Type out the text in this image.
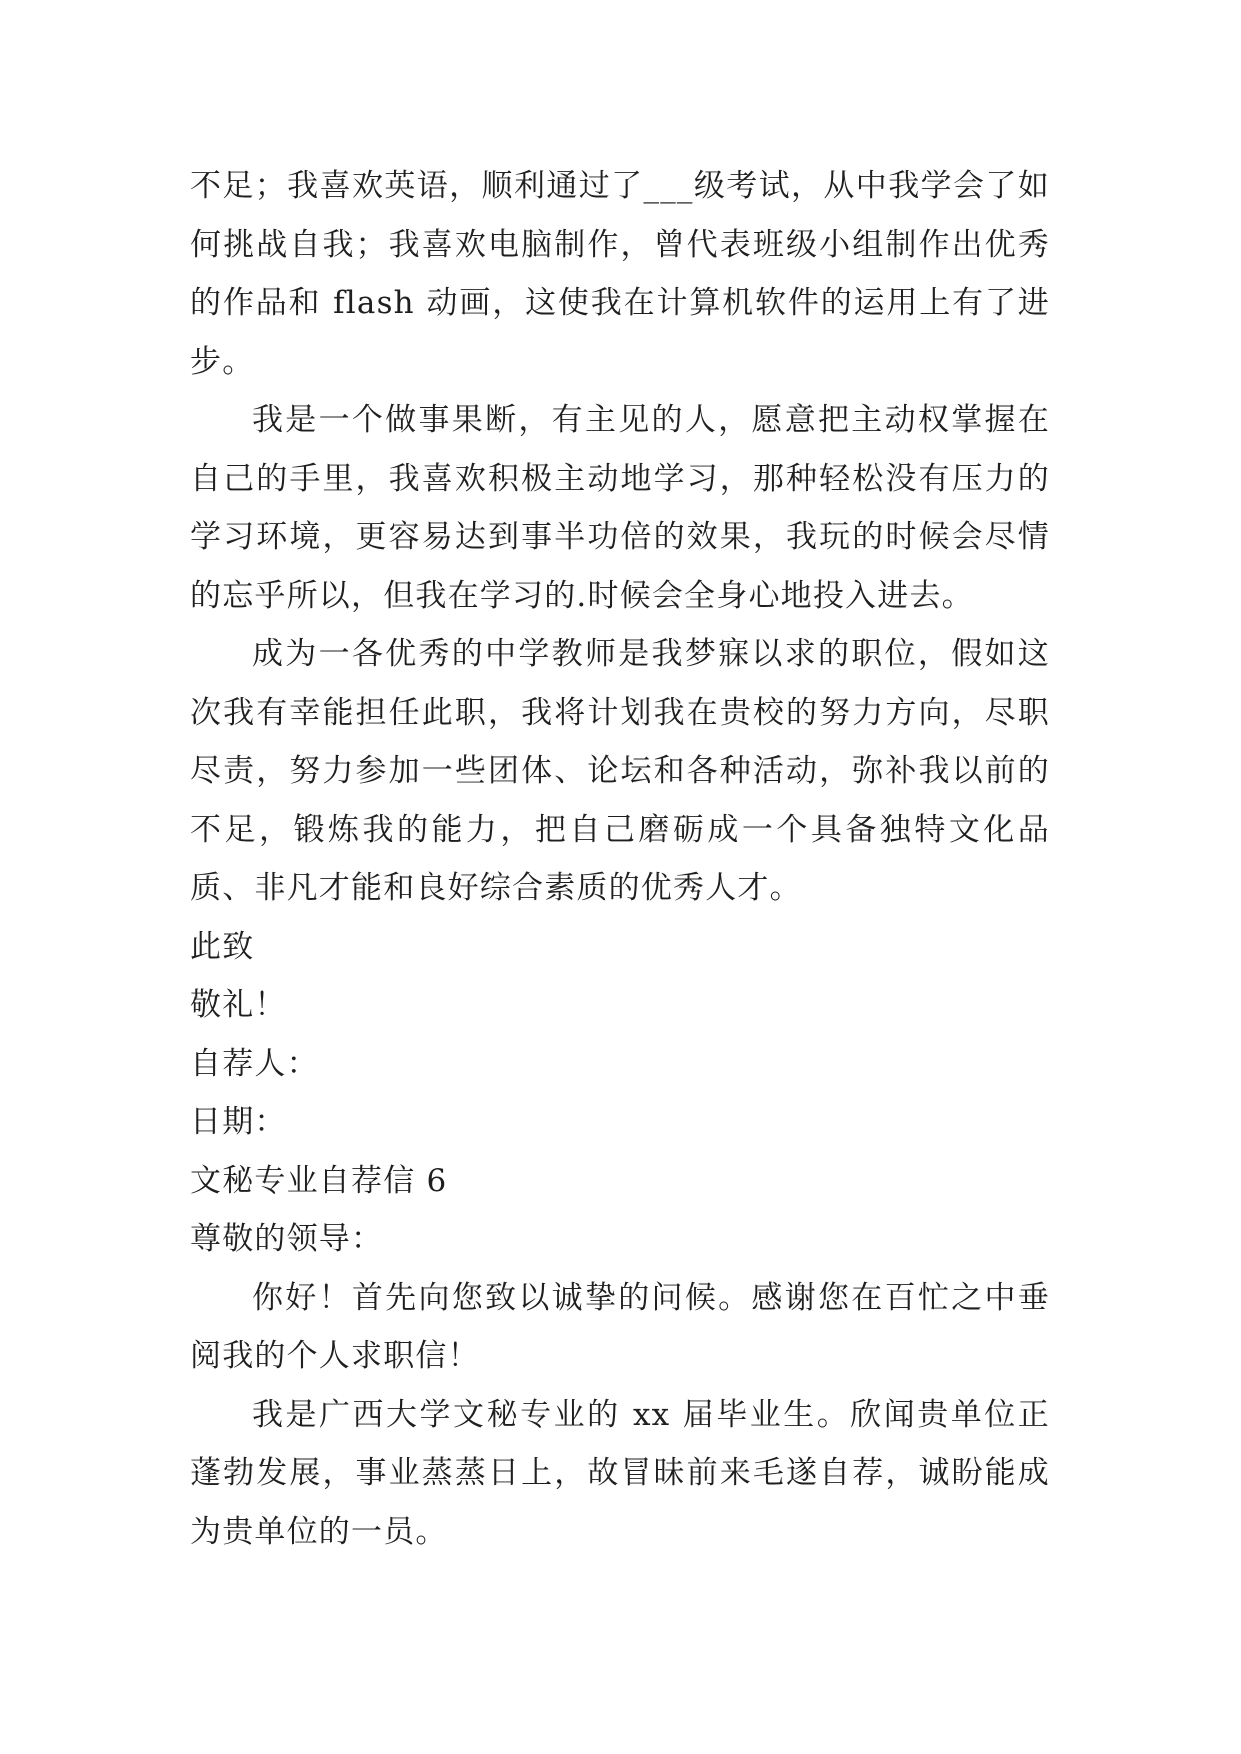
不足；我喜欢英语，顺利通过了___级考试，从中我学会了如何挑战自我；我喜欢电脑制作，曾代表班级小组制作出优秀的作品和 flash 动画，这使我在计算机软件的运用上有了进步。

我是一个做事果断，有主见的人，愿意把主动权掌握在自己的手里，我喜欢积极主动地学习，那种轻松没有压力的学习环境，更容易达到事半功倍的效果，我玩的时候会尽情的忘乎所以，但我在学习的.时候会全身心地投入进去。

成为一各优秀的中学教师是我梦寐以求的职位，假如这次我有幸能担任此职，我将计划我在贵校的努力方向，尽职尽责，努力参加一些团体、论坛和各种活动，弥补我以前的不足，锻炼我的能力，把自己磨砺成一个具备独特文化品质、非凡才能和良好综合素质的优秀人才。

此致

敬礼！

自荐人：

日期：

文秘专业自荐信 6

尊敬的领导：

你好！首先向您致以诚挚的问候。感谢您在百忙之中垂阅我的个人求职信！

我是广西大学文秘专业的 xx 届毕业生。欣闻贵单位正蓬勃发展，事业蒸蒸日上，故冒昧前来毛遂自荐，诚盼能成为贵单位的一员。
